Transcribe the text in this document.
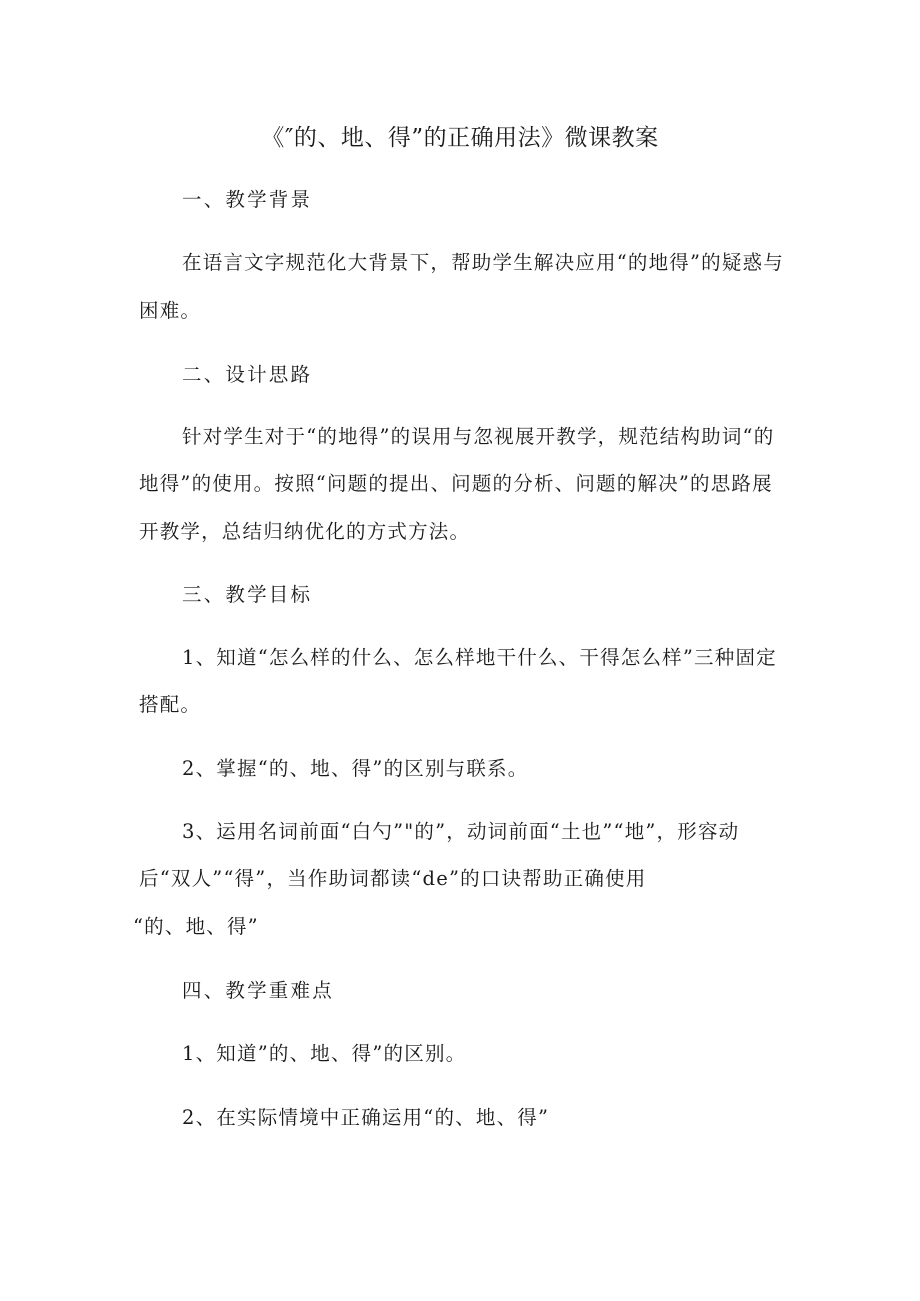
《″的、地、得”的正确用法》微课教案
一、教学背景
在语言文字规范化大背景下，帮助学生解决应用“的地得”的疑惑与
困难。
二、设计思路
针对学生对于“的地得”的误用与忽视展开教学，规范结构助词“的
地得”的使用。按照“问题的提出、问题的分析、问题的解决”的思路展
开教学，总结归纳优化的方式方法。
三、教学目标
1、知道“怎么样的什么、怎么样地干什么、干得怎么样”三种固定
搭配。
2、掌握“的、地、得”的区别与联系。
3、运用名词前面“白勺”"的”，动词前面“土也”“地”，形容动
后“双人”“得”，当作助词都读“de”的口诀帮助正确使用
“的、地、得”
四、教学重难点
1、知道”的、地、得”的区别。
2、在实际情境中正确运用“的、地、得”
